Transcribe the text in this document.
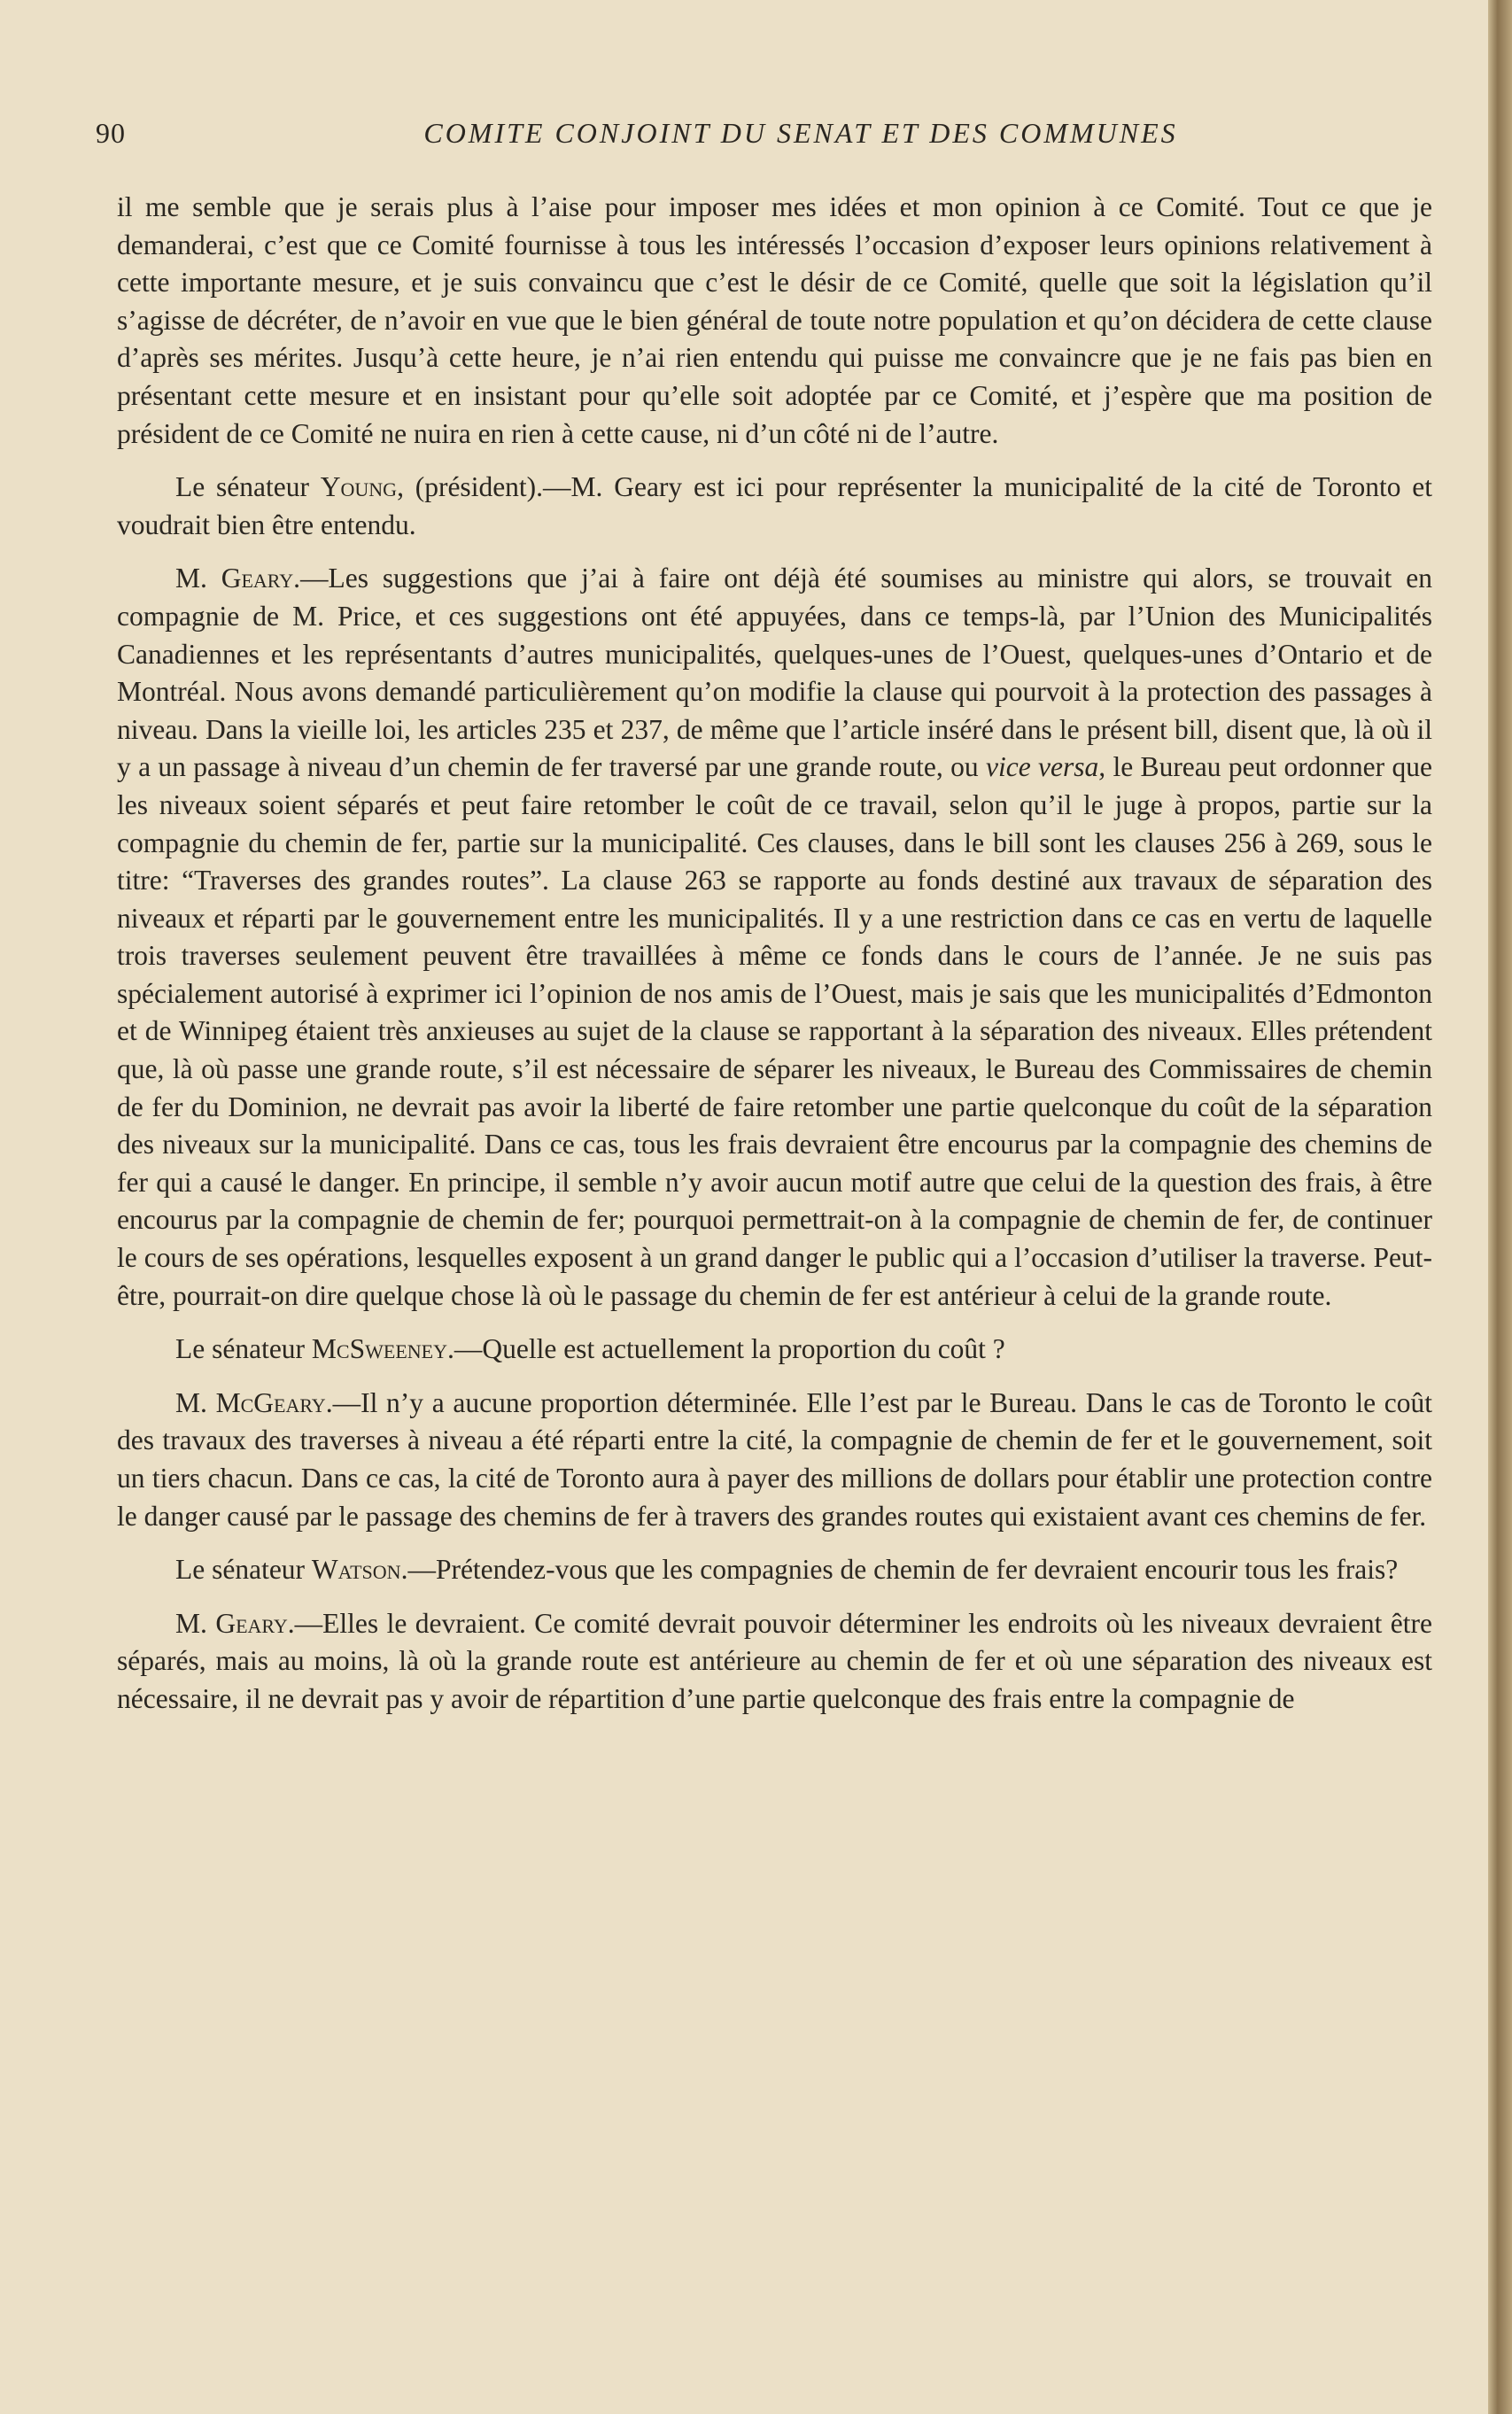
90	COMITE CONJOINT DU SENAT ET DES COMMUNES

il me semble que je serais plus à l’aise pour imposer mes idées et mon opinion à ce Comité. Tout ce que je demanderai, c’est que ce Comité fournisse à tous les intéressés l’occasion d’exposer leurs opinions relativement à cette importante mesure, et je suis convaincu que c’est le désir de ce Comité, quelle que soit la législation qu’il s’agisse de décréter, de n’avoir en vue que le bien général de toute notre population et qu’on décidera de cette clause d’après ses mérites. Jusqu’à cette heure, je n’ai rien entendu qui puisse me convaincre que je ne fais pas bien en présentant cette mesure et en insistant pour qu’elle soit adoptée par ce Comité, et j’espère que ma position de président de ce Comité ne nuira en rien à cette cause, ni d’un côté ni de l’autre.

Le sénateur Young, (président).—M. Geary est ici pour représenter la municipalité de la cité de Toronto et voudrait bien être entendu.

M. Geary.—Les suggestions que j’ai à faire ont déjà été soumises au ministre qui alors, se trouvait en compagnie de M. Price, et ces suggestions ont été appuyées, dans ce temps-là, par l’Union des Municipalités Canadiennes et les représentants d’autres municipalités, quelques-unes de l’Ouest, quelques-unes d’Ontario et de Montréal. Nous avons demandé particulièrement qu’on modifie la clause qui pourvoit à la protection des passages à niveau. Dans la vieille loi, les articles 235 et 237, de même que l’article inséré dans le présent bill, disent que, là où il y a un passage à niveau d’un chemin de fer traversé par une grande route, ou vice versa, le Bureau peut ordonner que les niveaux soient séparés et peut faire retomber le coût de ce travail, selon qu’il le juge à propos, partie sur la compagnie du chemin de fer, partie sur la municipalité. Ces clauses, dans le bill sont les clauses 256 à 269, sous le titre: “Traverses des grandes routes”. La clause 263 se rapporte au fonds destiné aux travaux de séparation des niveaux et réparti par le gouvernement entre les municipalités. Il y a une restriction dans ce cas en vertu de laquelle trois traverses seulement peuvent être travaillées à même ce fonds dans le cours de l’année. Je ne suis pas spécialement autorisé à exprimer ici l’opinion de nos amis de l’Ouest, mais je sais que les municipalités d’Edmonton et de Winnipeg étaient très anxieuses au sujet de la clause se rapportant à la séparation des niveaux. Elles prétendent que, là où passe une grande route, s’il est nécessaire de séparer les niveaux, le Bureau des Commissaires de chemin de fer du Dominion, ne devrait pas avoir la liberté de faire retomber une partie quelconque du coût de la séparation des niveaux sur la municipalité. Dans ce cas, tous les frais devraient être encourus par la compagnie des chemins de fer qui a causé le danger. En principe, il semble n’y avoir aucun motif autre que celui de la question des frais, à être encourus par la compagnie de chemin de fer; pourquoi permettrait-on à la compagnie de chemin de fer, de continuer le cours de ses opérations, lesquelles exposent à un grand danger le public qui a l’occasion d’utiliser la traverse. Peut-être, pourrait-on dire quelque chose là où le passage du chemin de fer est antérieur à celui de la grande route.

Le sénateur McSweeney.—Quelle est actuellement la proportion du coût ?

M. McGeary.—Il n’y a aucune proportion déterminée. Elle l’est par le Bureau. Dans le cas de Toronto le coût des travaux des traverses à niveau a été réparti entre la cité, la compagnie de chemin de fer et le gouvernement, soit un tiers chacun. Dans ce cas, la cité de Toronto aura à payer des millions de dollars pour établir une protection contre le danger causé par le passage des chemins de fer à travers des grandes routes qui existaient avant ces chemins de fer.

Le sénateur Watson.—Prétendez-vous que les compagnies de chemin de fer devraient encourir tous les frais?

M. Geary.—Elles le devraient. Ce comité devrait pouvoir déterminer les endroits où les niveaux devraient être séparés, mais au moins, là où la grande route est antérieure au chemin de fer et où une séparation des niveaux est nécessaire, il ne devrait pas y avoir de répartition d’une partie quelconque des frais entre la compagnie de
